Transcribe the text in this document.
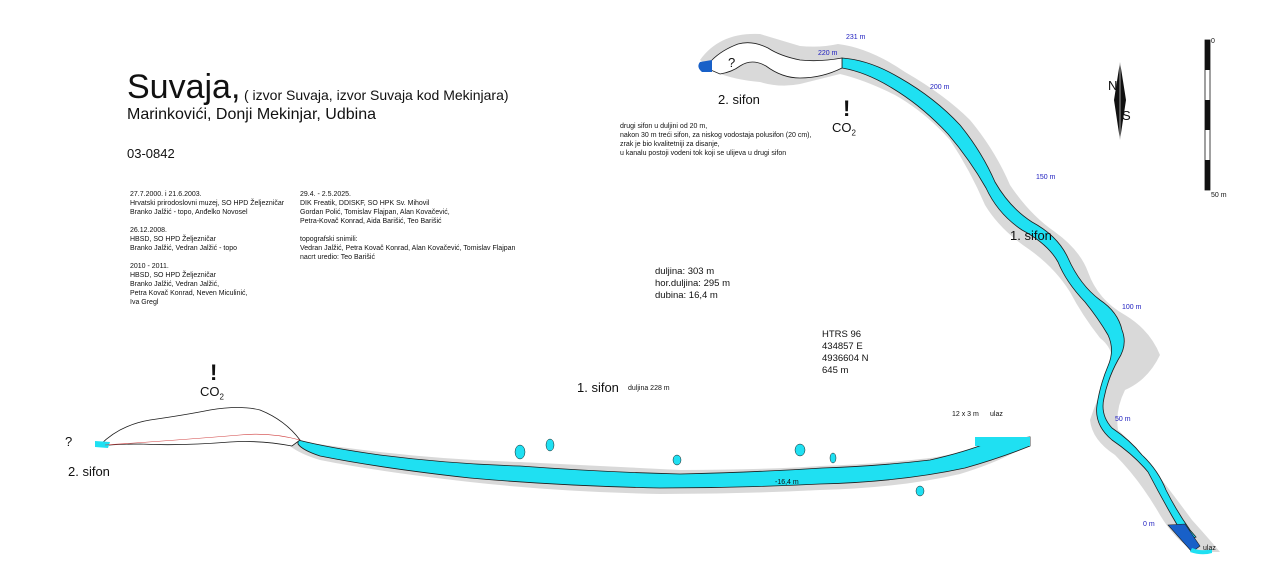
Suvaja, ( izvor Suvaja, izvor Suvaja kod Mekinjara)
Marinkovići, Donji Mekinjar, Udbina
03-0842
27.7.2000. i 21.6.2003.
Hrvatski prirodoslovni muzej, SO HPD Željezničar
Branko Jalžić - topo, Anđelko Novosel

26.12.2008.
HBSD, SO HPD Željezničar
Branko Jalžić, Vedran Jalžić - topo

2010 - 2011.
HBSD, SO HPD Željezničar
Branko Jalžić, Vedran Jalžić,
Petra Kovač Konrad, Neven Miculinić,
Iva Gregl
29.4. - 2.5.2025.
DIK Freatik, DDISKF, SO HPK Sv. Mihovil
Gordan Polić, Tomislav Flajpan, Alan Kovačević,
Petra-Kovač Konrad, Aida Barišić, Teo Barišić

topografski snimili:
Vedran Jalžić, Petra Kovač Konrad, Alan Kovačević, Tomislav Flajpan
nacrt uredio: Teo Barišić
drugi sifon u duljini od 20 m,
nakon 30 m treći sifon, za niskog vodostaja polusifon (20 cm),
zrak je bio kvalitetniji za disanje,
u kanalu postoji vodeni tok koji se ulijeva u drugi sifon
duljina: 303 m
hor.duljina: 295 m
dubina: 16,4 m
HTRS 96
434857 E
4936604 N
645 m
1. sifon
2. sifon
1. sifon duljina 228 m
2. sifon
?
?
!
$CO_2$
!
$CO_2$
12 x 3 m ulaz
ulaz
-16,4 m
0
50 m
N
S
231 m
220 m
200 m
150 m
100 m
50 m
0 m
